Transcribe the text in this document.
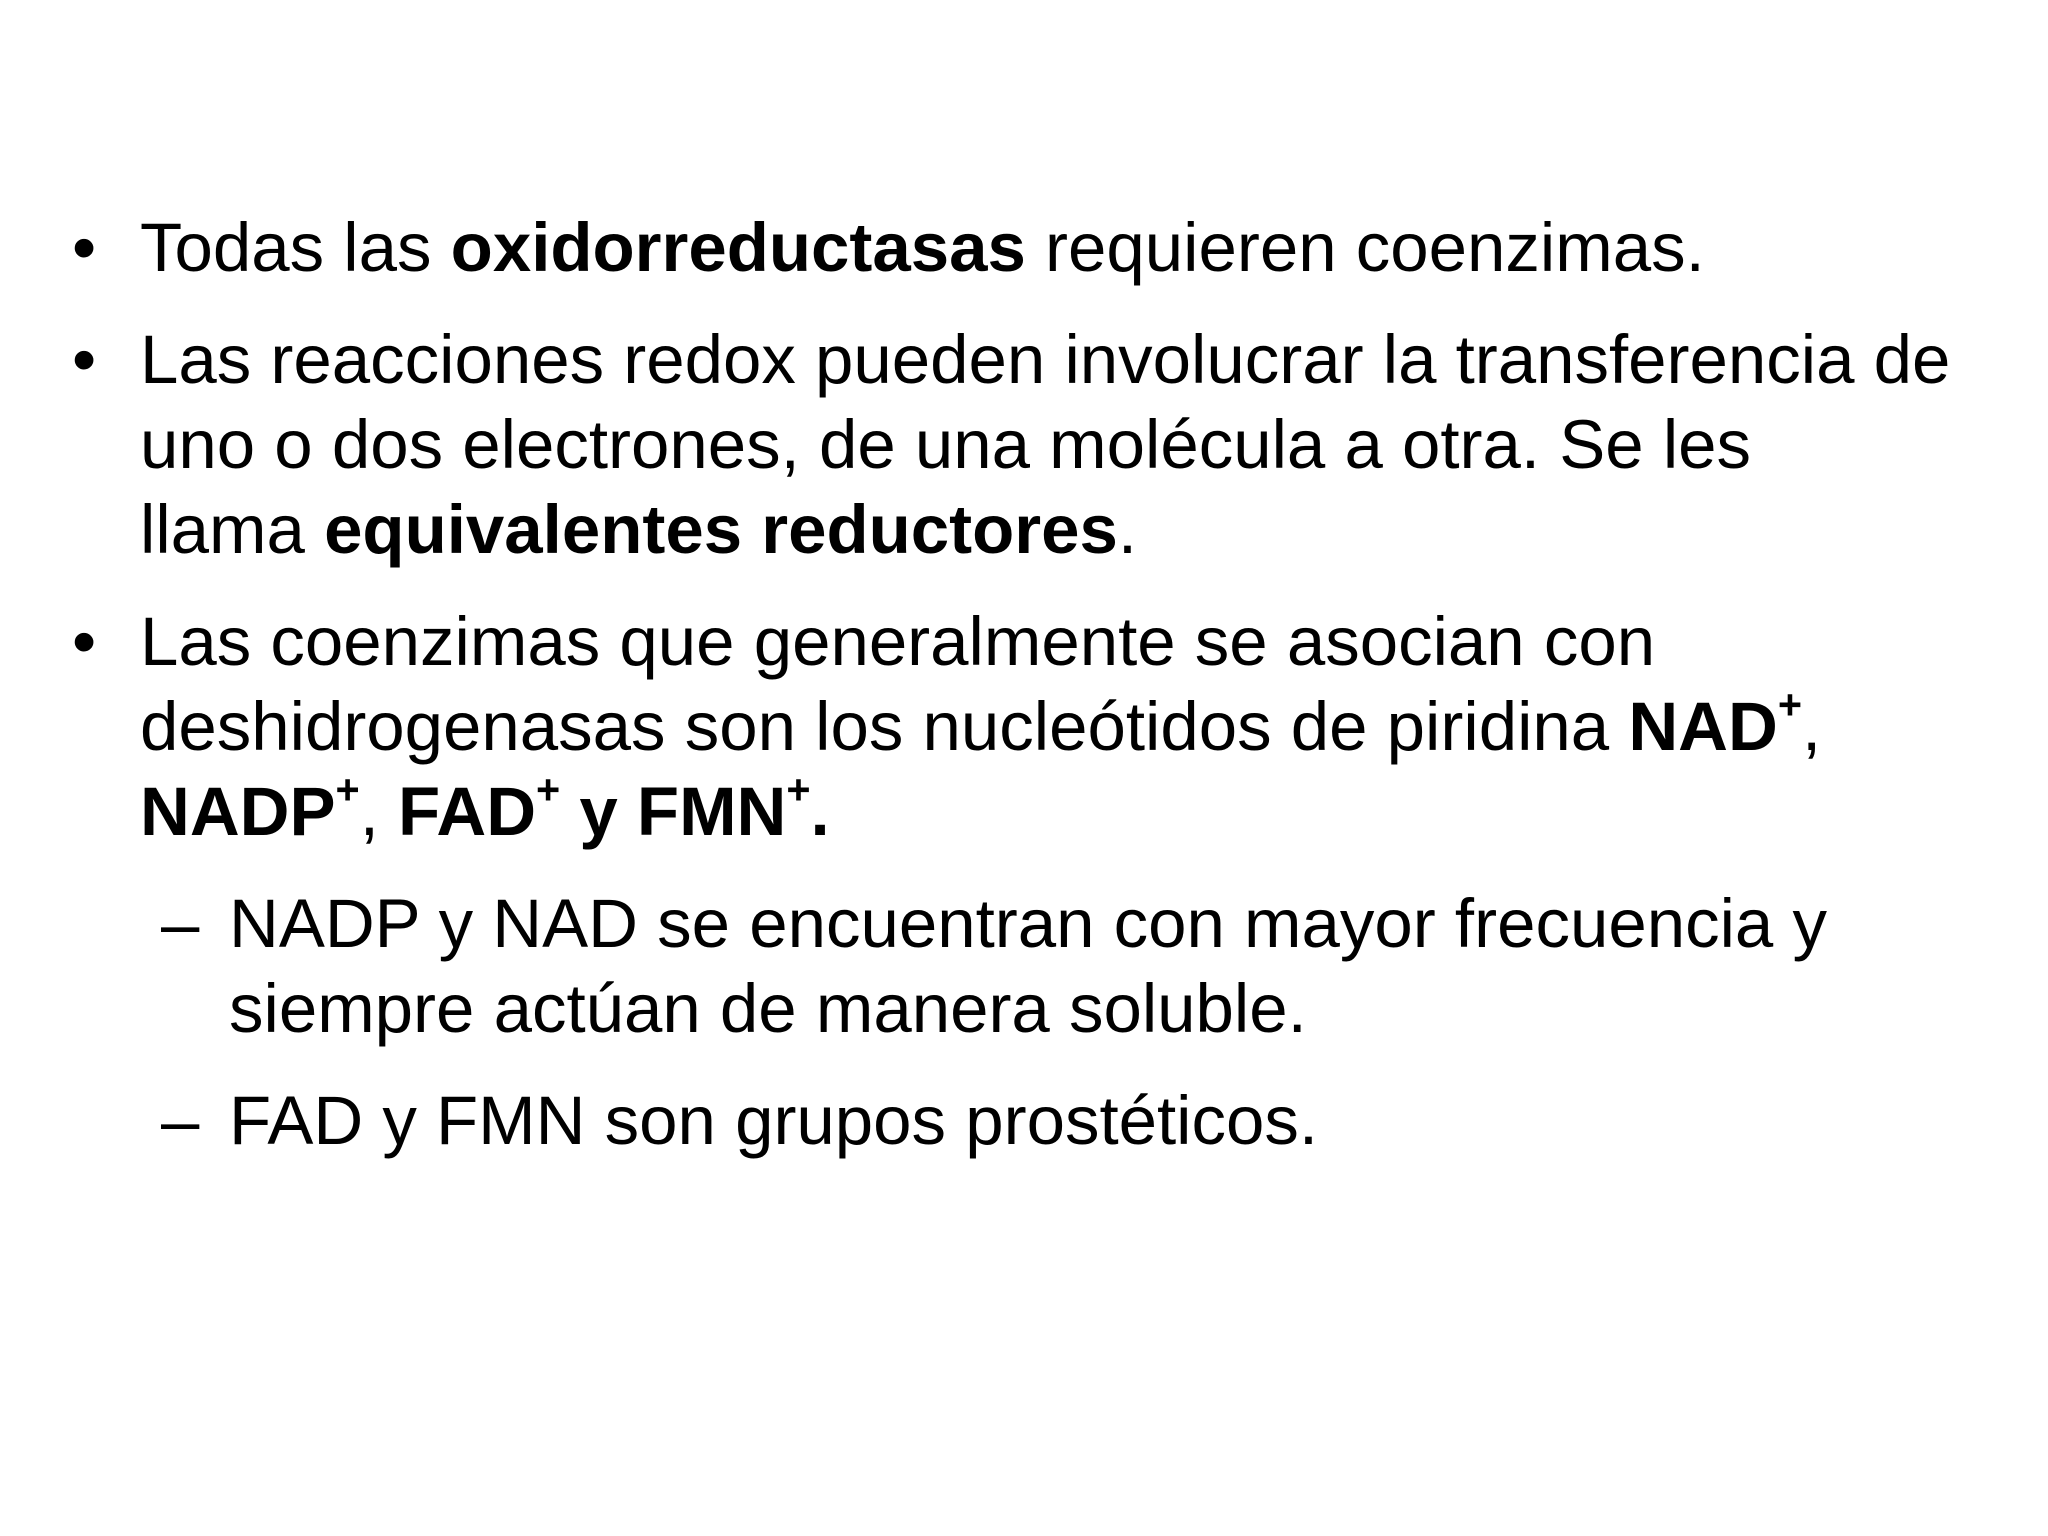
• Todas las oxidorreductasas requieren coenzimas.
• Las reacciones redox pueden involucrar la transferencia de
uno o dos electrones, de una molécula a otra. Se les
llama equivalentes reductores.
• Las coenzimas que generalmente se asocian con
deshidrogenasas son los nucleótidos de piridina NAD+,
NADP+, FAD+ y FMN+.
– NADP y NAD se encuentran con mayor frecuencia y
siempre actúan de manera soluble.
– FAD y FMN son grupos prostéticos.
